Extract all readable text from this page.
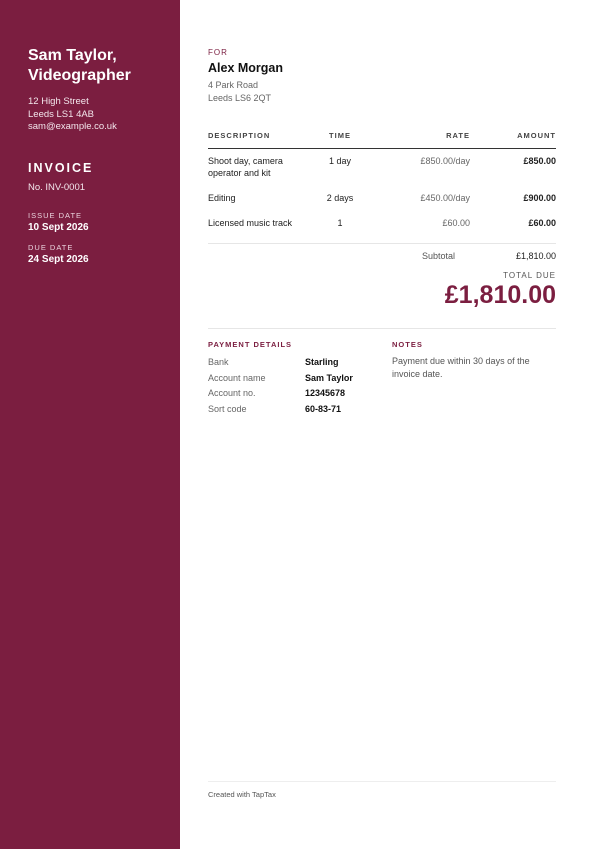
Sam Taylor,
Videographer
12 High Street
Leeds LS1 4AB
sam@example.co.uk
INVOICE
No. INV-0001
ISSUE DATE
10 Sept 2026
DUE DATE
24 Sept 2026
FOR
Alex Morgan
4 Park Road
Leeds LS6 2QT
DESCRIPTION	TIME	RATE	AMOUNT

Shoot day, camera
operator and kit	1 day	£850.00/day	£850.00
Editing	2 days	£450.00/day	£900.00
Licensed music track	1	£60.00	£60.00
Subtotal	£1,810.00
TOTAL DUE
£1,810.00
PAYMENT DETAILS
Bank	Starling
Account name	Sam Taylor
Account no.	12345678
Sort code	60-83-71
NOTES
Payment due within 30 days of the
invoice date.
Created with TapTax
